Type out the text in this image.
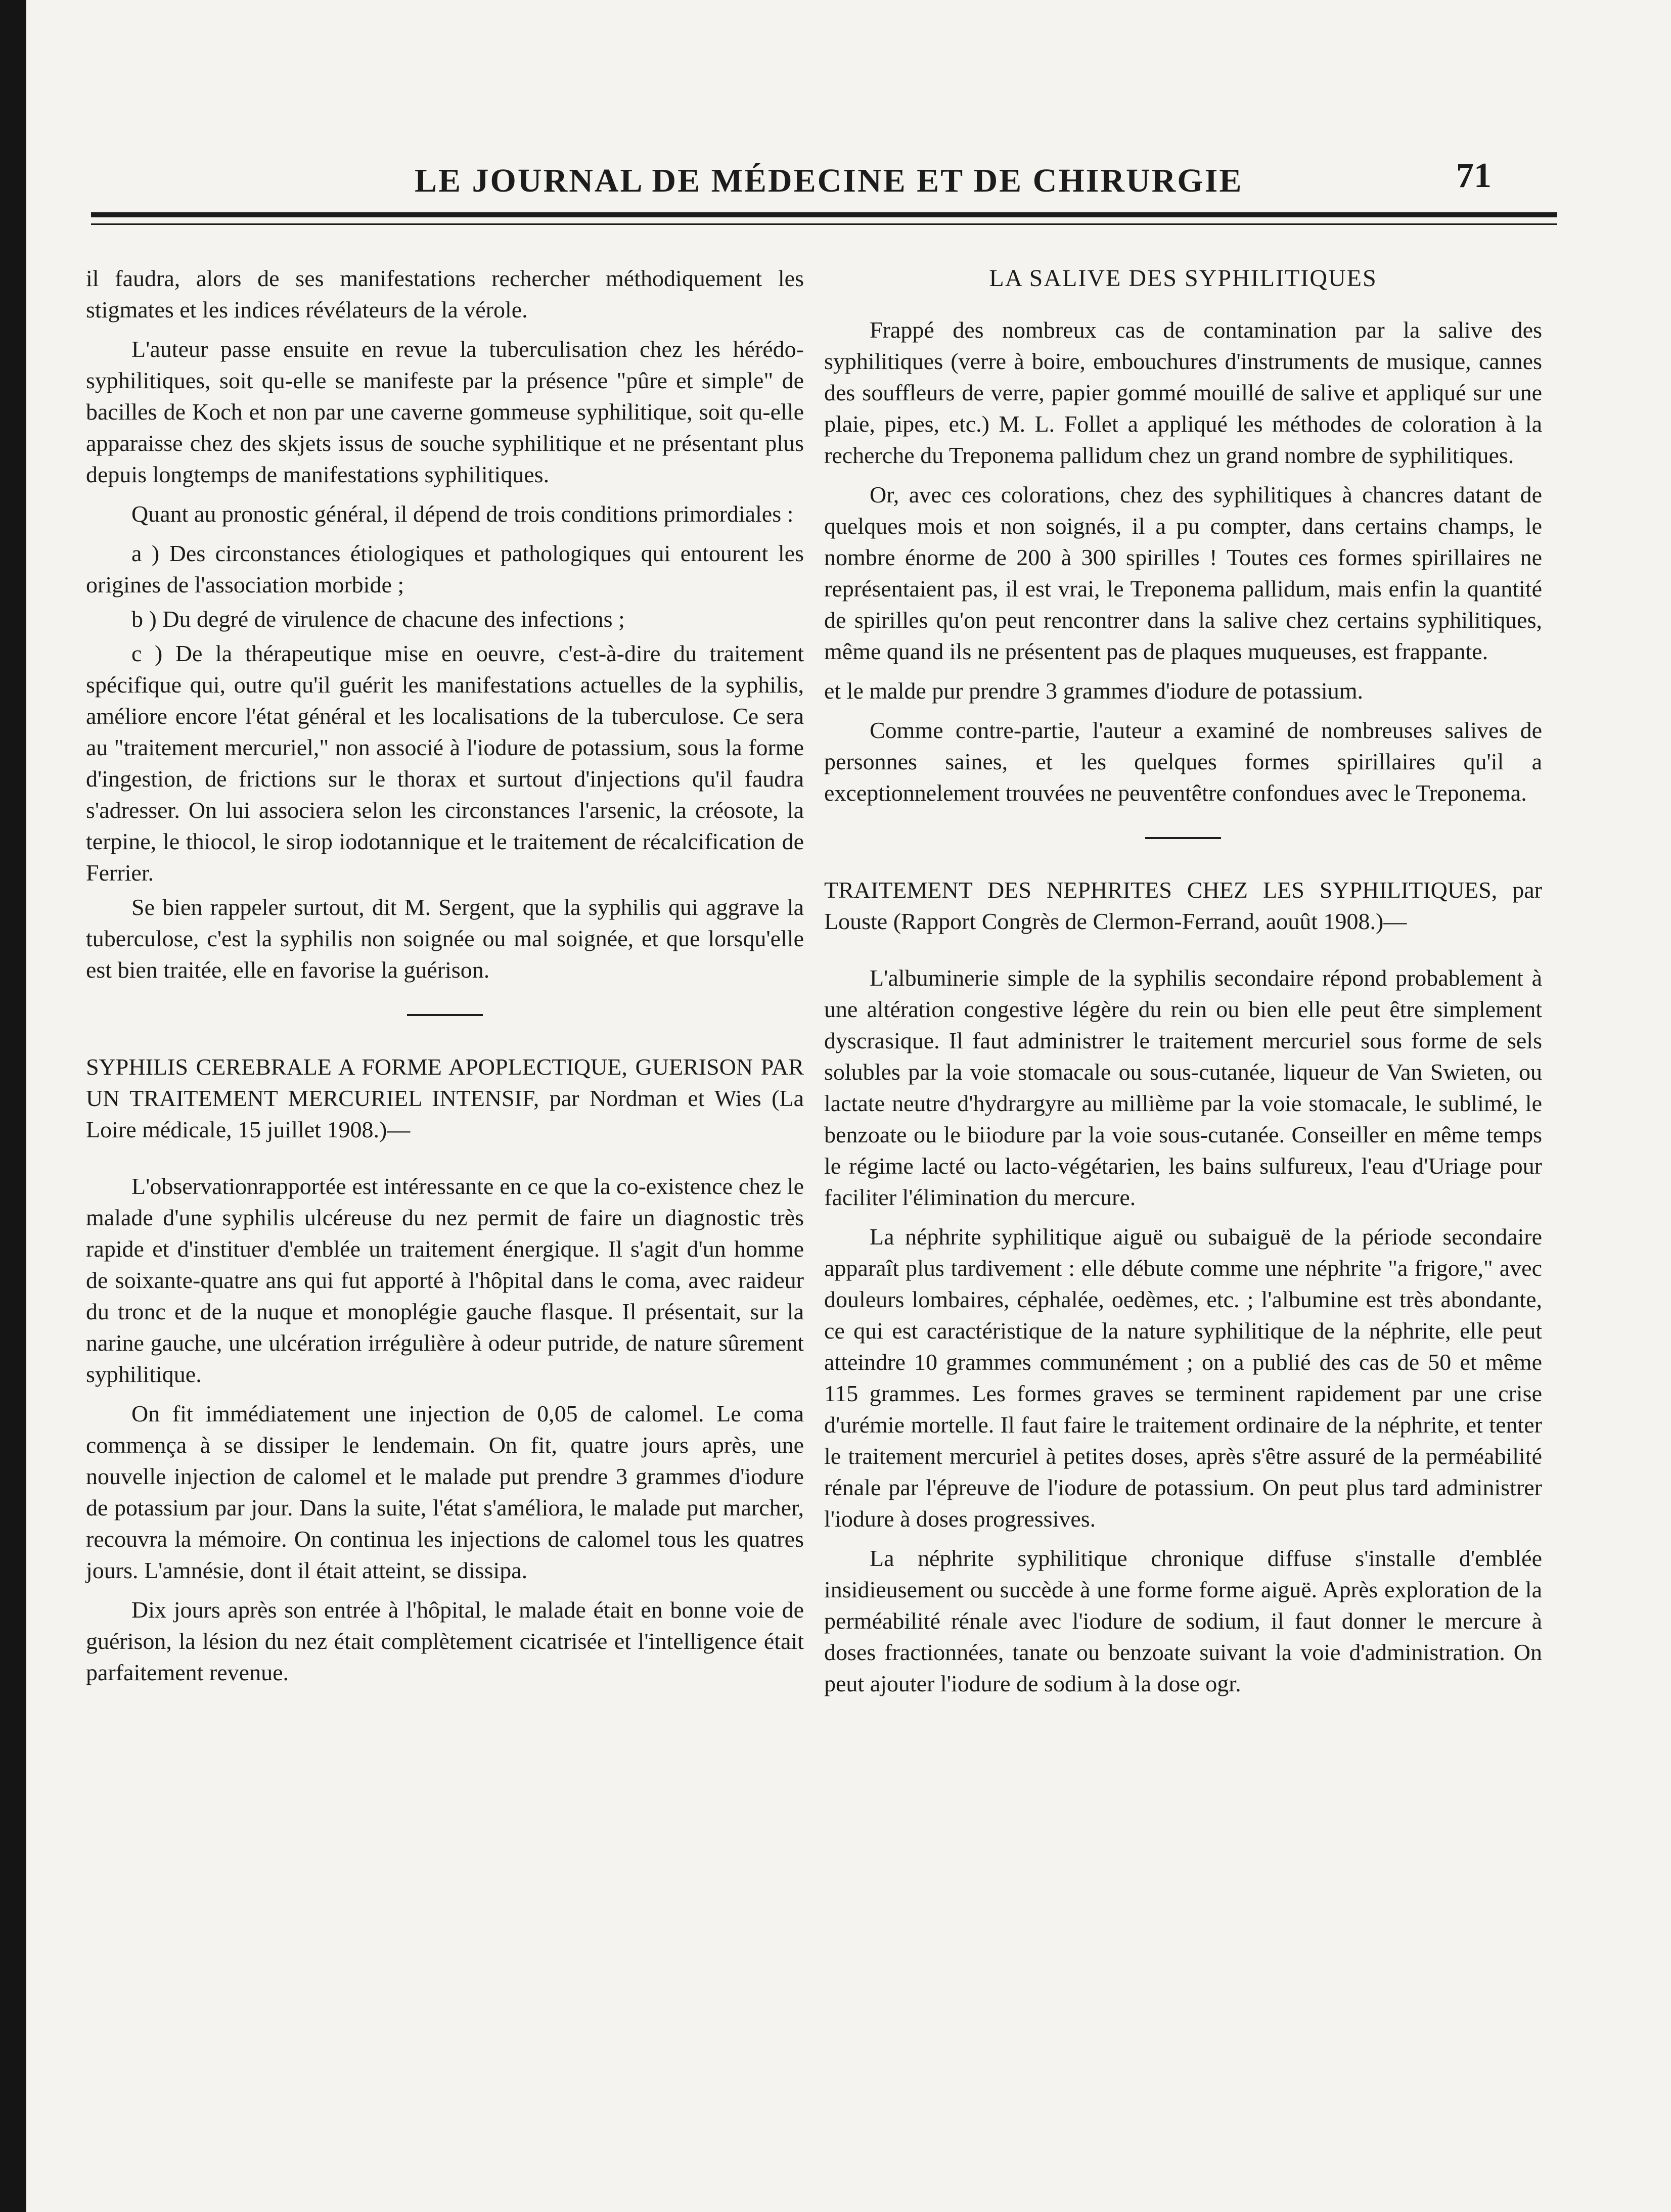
LE JOURNAL DE MÉDECINE ET DE CHIRURGIE	71

il faudra, alors de ses manifestations rechercher méthodiquement les stigmates et les indices révélateurs de la vérole.

L'auteur passe ensuite en revue la tuberculisation chez les hérédo-syphilitiques, soit qu-elle se manifeste par la présence "pûre et simple" de bacilles de Koch et non par une caverne gommeuse syphilitique, soit qu-elle apparaisse chez des skjets issus de souche syphilitique et ne présentant plus depuis longtemps de manifestations syphilitiques.

Quant au pronostic général, il dépend de trois conditions primordiales :

a ) Des circonstances étiologiques et pathologiques qui entourent les origines de l'association morbide ;

b ) Du degré de virulence de chacune des infections ;

c ) De la thérapeutique mise en oeuvre, c'est-à-dire du traitement spécifique qui, outre qu'il guérit les manifestations actuelles de la syphilis, améliore encore l'état général et les localisations de la tuberculose. Ce sera au "traitement mercuriel," non associé à l'iodure de potassium, sous la forme d'ingestion, de frictions sur le thorax et surtout d'injections qu'il faudra s'adresser. On lui associera selon les circonstances l'arsenic, la créosote, la terpine, le thiocol, le sirop iodotannique et le traitement de récalcification de Ferrier.

Se bien rappeler surtout, dit M. Sergent, que la syphilis qui aggrave la tuberculose, c'est la syphilis non soignée ou mal soignée, et que lorsqu'elle est bien traitée, elle en favorise la guérison.

SYPHILIS CEREBRALE A FORME APOPLECTIQUE, GUERISON PAR UN TRAITEMENT MERCURIEL INTENSIF, par Nordman et Wies (La Loire médicale, 15 juillet 1908.)—

L'observationrapportée est intéressante en ce que la co-existence chez le malade d'une syphilis ulcéreuse du nez permit de faire un diagnostic très rapide et d'instituer d'emblée un traitement énergique. Il s'agit d'un homme de soixante-quatre ans qui fut apporté à l'hôpital dans le coma, avec raideur du tronc et de la nuque et monoplégie gauche flasque. Il présentait, sur la narine gauche, une ulcération irrégulière à odeur putride, de nature sûrement syphilitique.

On fit immédiatement une injection de 0,05 de calomel. Le coma commença à se dissiper le lendemain. On fit, quatre jours après, une nouvelle injection de calomel et le malade put prendre 3 grammes d'iodure de potassium par jour. Dans la suite, l'état s'améliora, le malade put marcher, recouvra la mémoire. On continua les injections de calomel tous les quatres jours. L'amnésie, dont il était atteint, se dissipa.

Dix jours après son entrée à l'hôpital, le malade était en bonne voie de guérison, la lésion du nez était complètement cicatrisée et l'intelligence était parfaitement revenue.

LA SALIVE DES SYPHILITIQUES

Frappé des nombreux cas de contamination par la salive des syphilitiques (verre à boire, embouchures d'instruments de musique, cannes des souffleurs de verre, papier gommé mouillé de salive et appliqué sur une plaie, pipes, etc.) M. L. Follet a appliqué les méthodes de coloration à la recherche du Treponema pallidum chez un grand nombre de syphilitiques.

Or, avec ces colorations, chez des syphilitiques à chancres datant de quelques mois et non soignés, il a pu compter, dans certains champs, le nombre énorme de 200 à 300 spirilles ! Toutes ces formes spirillaires ne représentaient pas, il est vrai, le Treponema pallidum, mais enfin la quantité de spirilles qu'on peut rencontrer dans la salive chez certains syphilitiques, même quand ils ne présentent pas de plaques muqueuses, est frappante.

et le malde pur prendre 3 grammes d'iodure de potassium.

Comme contre-partie, l'auteur a examiné de nombreuses salives de personnes saines, et les quelques formes spirillaires qu'il a exceptionnelement trouvées ne peuventêtre confondues avec le Treponema.

TRAITEMENT DES NEPHRITES CHEZ LES SYPHILITIQUES, par Louste (Rapport Congrès de Clermon-Ferrand, aouût 1908.)—

L'albuminerie simple de la syphilis secondaire répond probablement à une altération congestive légère du rein ou bien elle peut être simplement dyscrasique. Il faut administrer le traitement mercuriel sous forme de sels solubles par la voie stomacale ou sous-cutanée, liqueur de Van Swieten, ou lactate neutre d'hydrargyre au millième par la voie stomacale, le sublimé, le benzoate ou le biiodure par la voie sous-cutanée. Conseiller en même temps le régime lacté ou lacto-végétarien, les bains sulfureux, l'eau d'Uriage pour faciliter l'élimination du mercure.

La néphrite syphilitique aiguë ou subaiguë de la période secondaire apparaît plus tardivement : elle débute comme une néphrite "a frigore," avec douleurs lombaires, céphalée, oedèmes, etc. ; l'albumine est très abondante, ce qui est caractéristique de la nature syphilitique de la néphrite, elle peut atteindre 10 grammes communément ; on a publié des cas de 50 et même 115 grammes. Les formes graves se terminent rapidement par une crise d'urémie mortelle. Il faut faire le traitement ordinaire de la néphrite, et tenter le traitement mercuriel à petites doses, après s'être assuré de la perméabilité rénale par l'épreuve de l'iodure de potassium. On peut plus tard administrer l'iodure à doses progressives.

La néphrite syphilitique chronique diffuse s'installe d'emblée insidieusement ou succède à une forme forme aiguë. Après exploration de la perméabilité rénale avec l'iodure de sodium, il faut donner le mercure à doses fractionnées, tanate ou benzoate suivant la voie d'administration. On peut ajouter l'iodure de sodium à la dose ogr.
